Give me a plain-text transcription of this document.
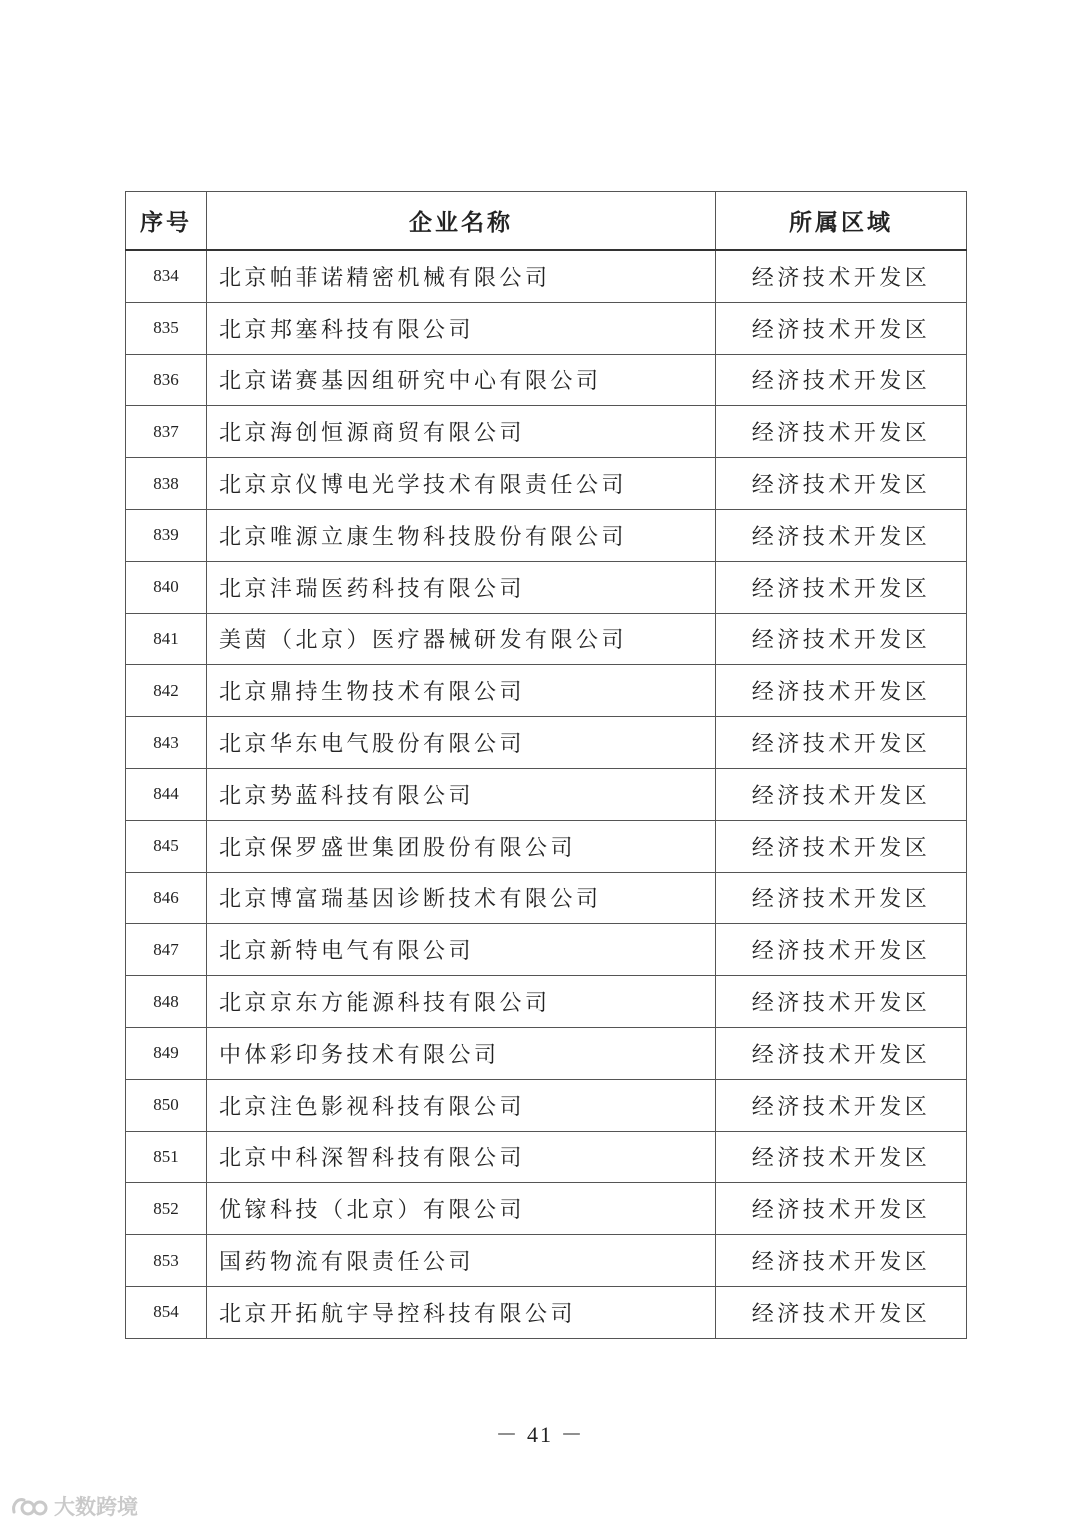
序号	企业名称	所属区域
834	北京帕菲诺精密机械有限公司	经济技术开发区
835	北京邦塞科技有限公司	经济技术开发区
836	北京诺赛基因组研究中心有限公司	经济技术开发区
837	北京海创恒源商贸有限公司	经济技术开发区
838	北京京仪博电光学技术有限责任公司	经济技术开发区
839	北京唯源立康生物科技股份有限公司	经济技术开发区
840	北京沣瑞医药科技有限公司	经济技术开发区
841	美茵（北京）医疗器械研发有限公司	经济技术开发区
842	北京鼎持生物技术有限公司	经济技术开发区
843	北京华东电气股份有限公司	经济技术开发区
844	北京势蓝科技有限公司	经济技术开发区
845	北京保罗盛世集团股份有限公司	经济技术开发区
846	北京博富瑞基因诊断技术有限公司	经济技术开发区
847	北京新特电气有限公司	经济技术开发区
848	北京京东方能源科技有限公司	经济技术开发区
849	中体彩印务技术有限公司	经济技术开发区
850	北京注色影视科技有限公司	经济技术开发区
851	北京中科深智科技有限公司	经济技术开发区
852	优镓科技（北京）有限公司	经济技术开发区
853	国药物流有限责任公司	经济技术开发区
854	北京开拓航宇导控科技有限公司	经济技术开发区
－ 41 －
大数跨境
